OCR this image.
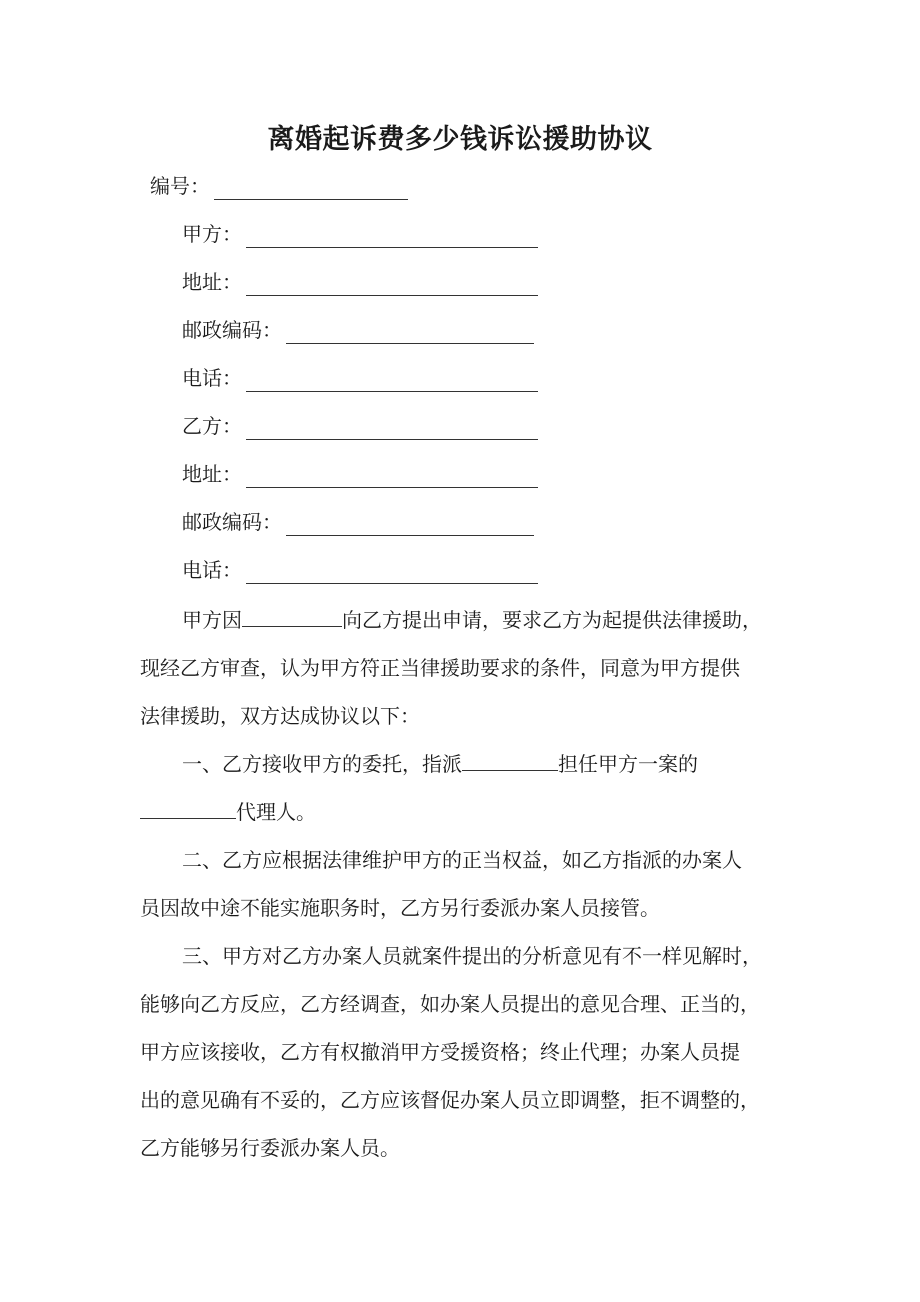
离婚起诉费多少钱诉讼援助协议
编号：
甲方：
地址：
邮政编码：
电话：
乙方：
地址：
邮政编码：
电话：
甲方因	向乙方提出申请，要求乙方为起提供法律援助，
现经乙方审查，认为甲方符正当律援助要求的条件，同意为甲方提供
法律援助，双方达成协议以下：
一、乙方接收甲方的委托，指派	担任甲方一案的
代理人。
二、乙方应根据法律维护甲方的正当权益，如乙方指派的办案人
员因故中途不能实施职务时，乙方另行委派办案人员接管。
三、甲方对乙方办案人员就案件提出的分析意见有不一样见解时，
能够向乙方反应，乙方经调查，如办案人员提出的意见合理、正当的，
甲方应该接收，乙方有权撤消甲方受援资格；终止代理；办案人员提
出的意见确有不妥的，乙方应该督促办案人员立即调整，拒不调整的，
乙方能够另行委派办案人员。
